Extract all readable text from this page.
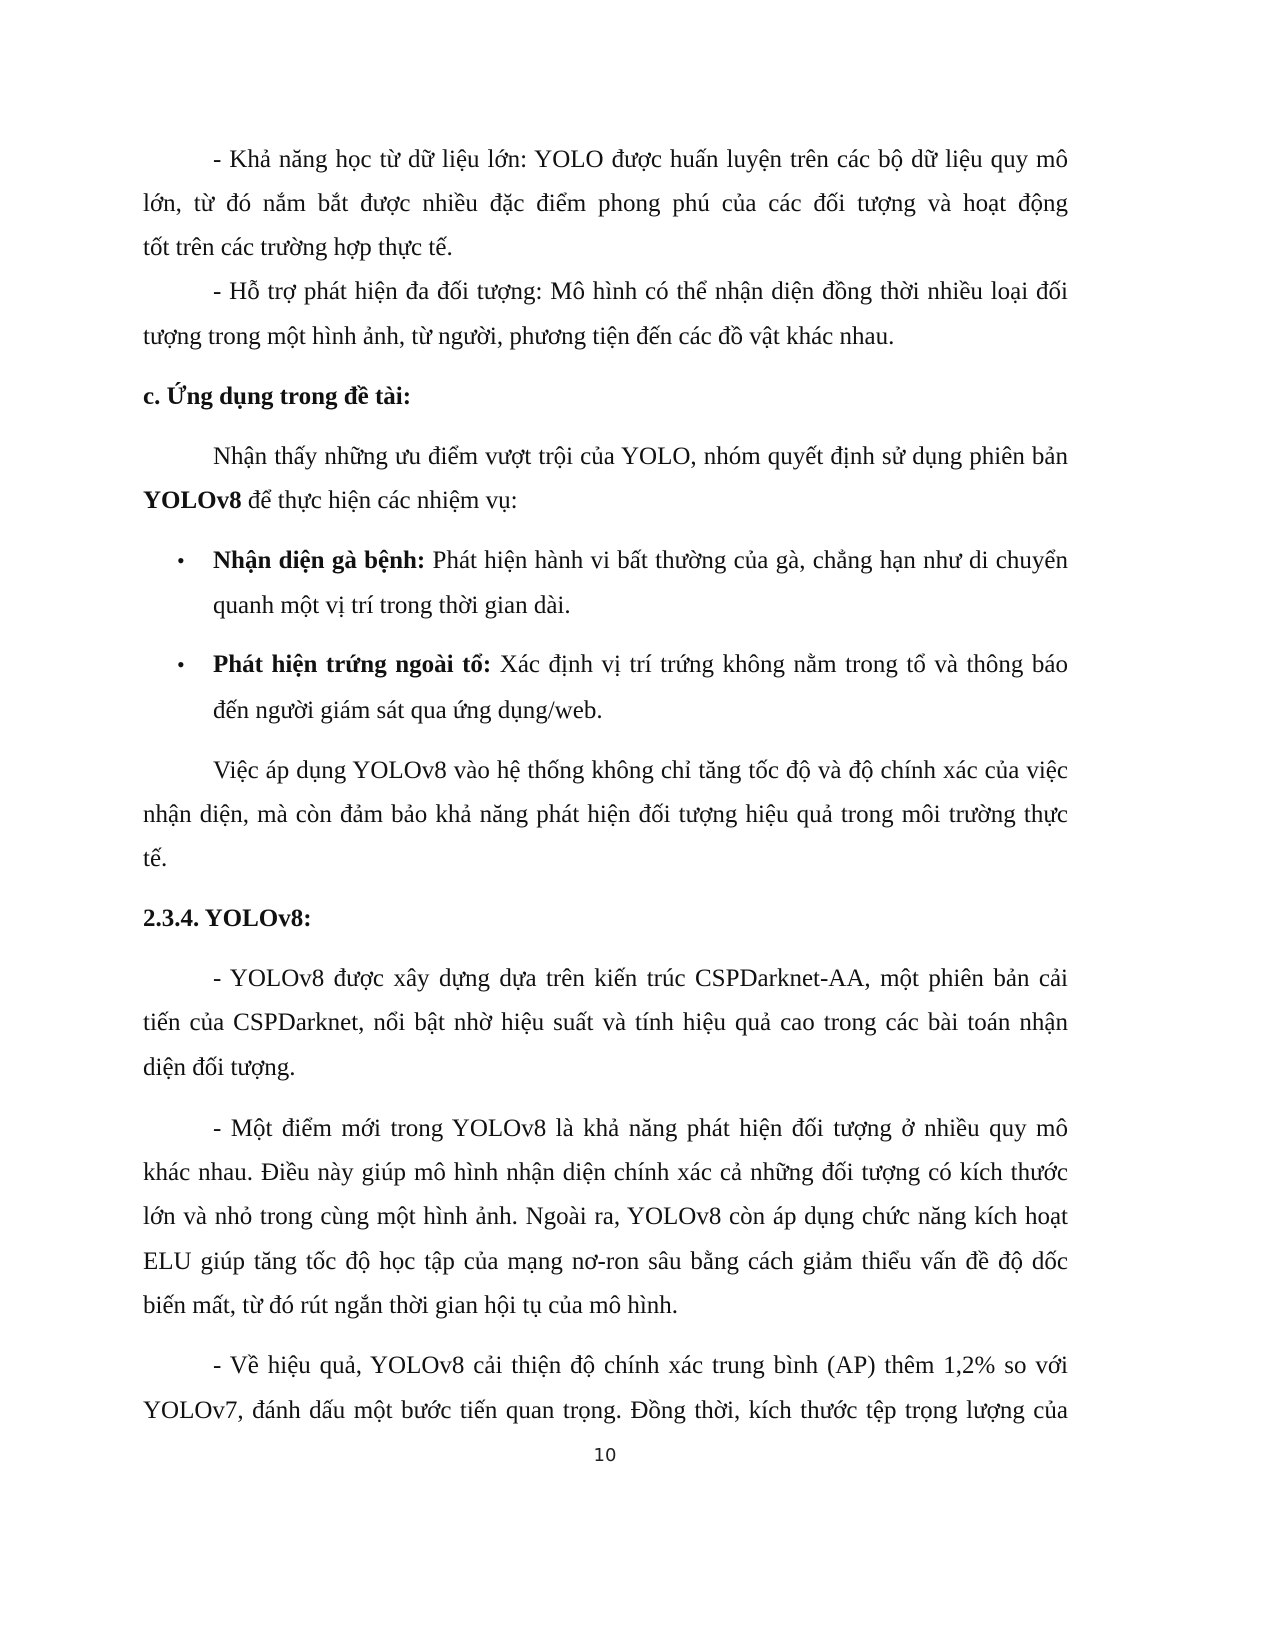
- Khả năng học từ dữ liệu lớn: YOLO được huấn luyện trên các bộ dữ liệu quy mô
lớn, từ đó nắm bắt được nhiều đặc điểm phong phú của các đối tượng và hoạt động
tốt trên các trường hợp thực tế.
- Hỗ trợ phát hiện đa đối tượng: Mô hình có thể nhận diện đồng thời nhiều loại đối
tượng trong một hình ảnh, từ người, phương tiện đến các đồ vật khác nhau.
c. Ứng dụng trong đề tài:
Nhận thấy những ưu điểm vượt trội của YOLO, nhóm quyết định sử dụng phiên bản
YOLOv8 để thực hiện các nhiệm vụ:
• Nhận diện gà bệnh: Phát hiện hành vi bất thường của gà, chẳng hạn như di chuyển
quanh một vị trí trong thời gian dài.
• Phát hiện trứng ngoài tổ: Xác định vị trí trứng không nằm trong tổ và thông báo
đến người giám sát qua ứng dụng/web.
Việc áp dụng YOLOv8 vào hệ thống không chỉ tăng tốc độ và độ chính xác của việc
nhận diện, mà còn đảm bảo khả năng phát hiện đối tượng hiệu quả trong môi trường thực
tế.
2.3.4. YOLOv8:
- YOLOv8 được xây dựng dựa trên kiến trúc CSPDarknet-AA, một phiên bản cải
tiến của CSPDarknet, nổi bật nhờ hiệu suất và tính hiệu quả cao trong các bài toán nhận
diện đối tượng.
- Một điểm mới trong YOLOv8 là khả năng phát hiện đối tượng ở nhiều quy mô
khác nhau. Điều này giúp mô hình nhận diện chính xác cả những đối tượng có kích thước
lớn và nhỏ trong cùng một hình ảnh. Ngoài ra, YOLOv8 còn áp dụng chức năng kích hoạt
ELU giúp tăng tốc độ học tập của mạng nơ-ron sâu bằng cách giảm thiểu vấn đề độ dốc
biến mất, từ đó rút ngắn thời gian hội tụ của mô hình.
- Về hiệu quả, YOLOv8 cải thiện độ chính xác trung bình (AP) thêm 1,2% so với
YOLOv7, đánh dấu một bước tiến quan trọng. Đồng thời, kích thước tệp trọng lượng của
10
